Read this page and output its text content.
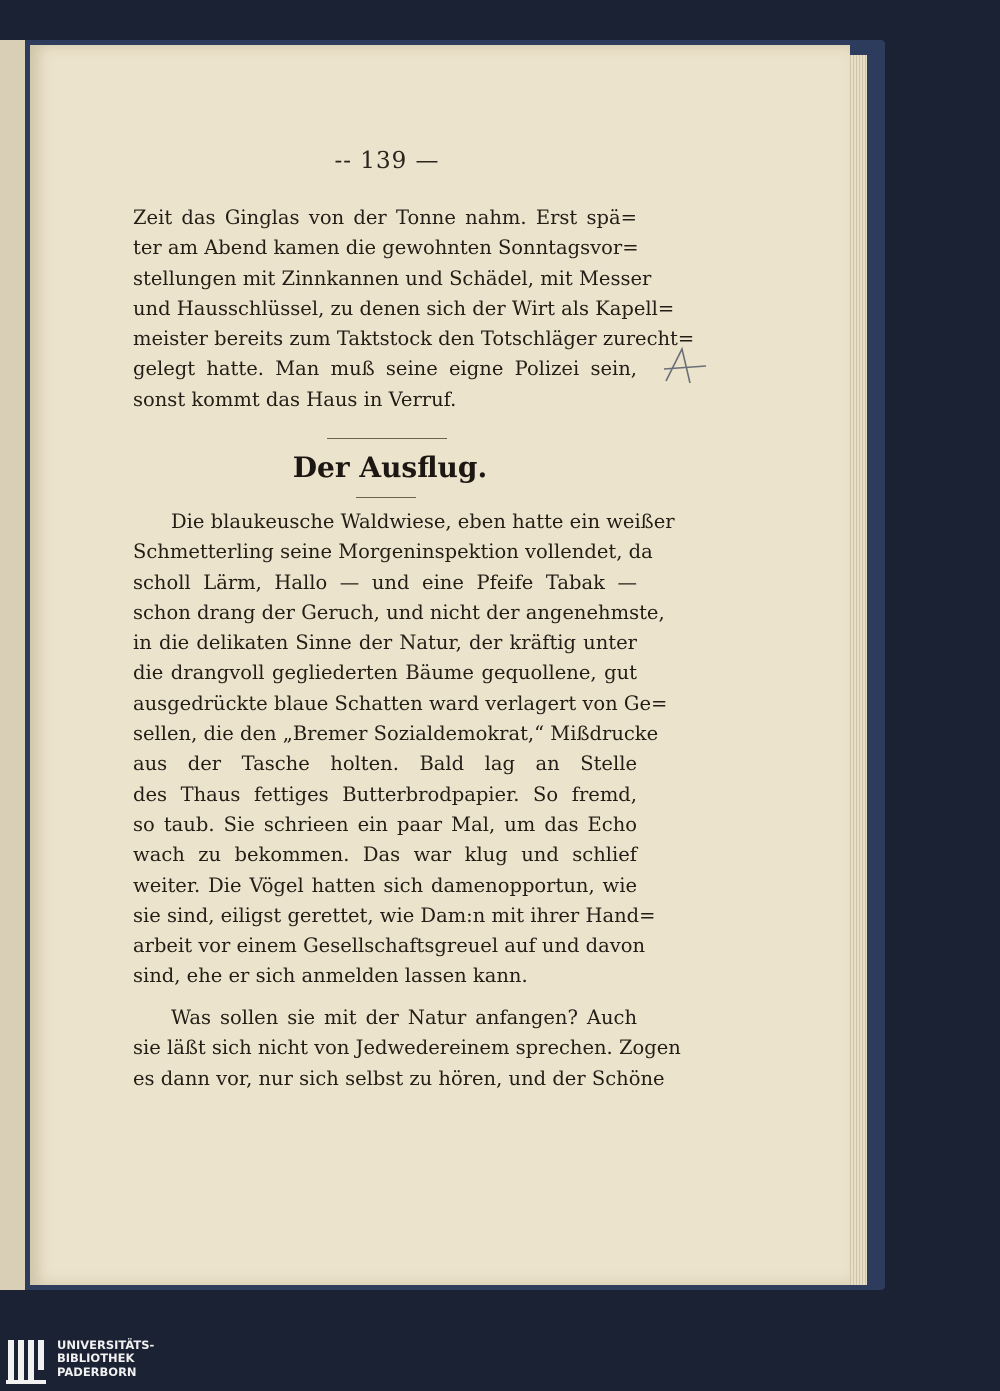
-- 139 —
Zeit das Ginglas von der Tonne nahm. Erst spä=
ter am Abend kamen die gewohnten Sonntagsvor=
stellungen mit Zinnkannen und Schädel, mit Messer
und Hausschlüssel, zu denen sich der Wirt als Kapell=
meister bereits zum Taktstock den Totschläger zurecht=
gelegt hatte. Man muß seine eigne Polizei sein,
sonst kommt das Haus in Verruf.
Der Ausflug.
Die blaukeusche Waldwiese, eben hatte ein weißer
Schmetterling seine Morgeninspektion vollendet, da
scholl Lärm, Hallo — und eine Pfeife Tabak —
schon drang der Geruch, und nicht der angenehmste,
in die delikaten Sinne der Natur, der kräftig unter
die drangvoll gegliederten Bäume gequollene, gut
ausgedrückte blaue Schatten ward verlagert von Ge=
sellen, die den „Bremer Sozialdemokrat,“ Mißdrucke
aus der Tasche holten. Bald lag an Stelle
des Thaus fettiges Butterbrodpapier. So fremd,
so taub. Sie schrieen ein paar Mal, um das Echo
wach zu bekommen. Das war klug und schlief
weiter. Die Vögel hatten sich damenopportun, wie
sie sind, eiligst gerettet, wie Dam:n mit ihrer Hand=
arbeit vor einem Gesellschaftsgreuel auf und davon
sind, ehe er sich anmelden lassen kann.
Was sollen sie mit der Natur anfangen? Auch
sie läßt sich nicht von Jedwedereinem sprechen. Zogen
es dann vor, nur sich selbst zu hören, und der Schöne
UNIVERSITÄTS-
BIBLIOTHEK
PADERBORN
